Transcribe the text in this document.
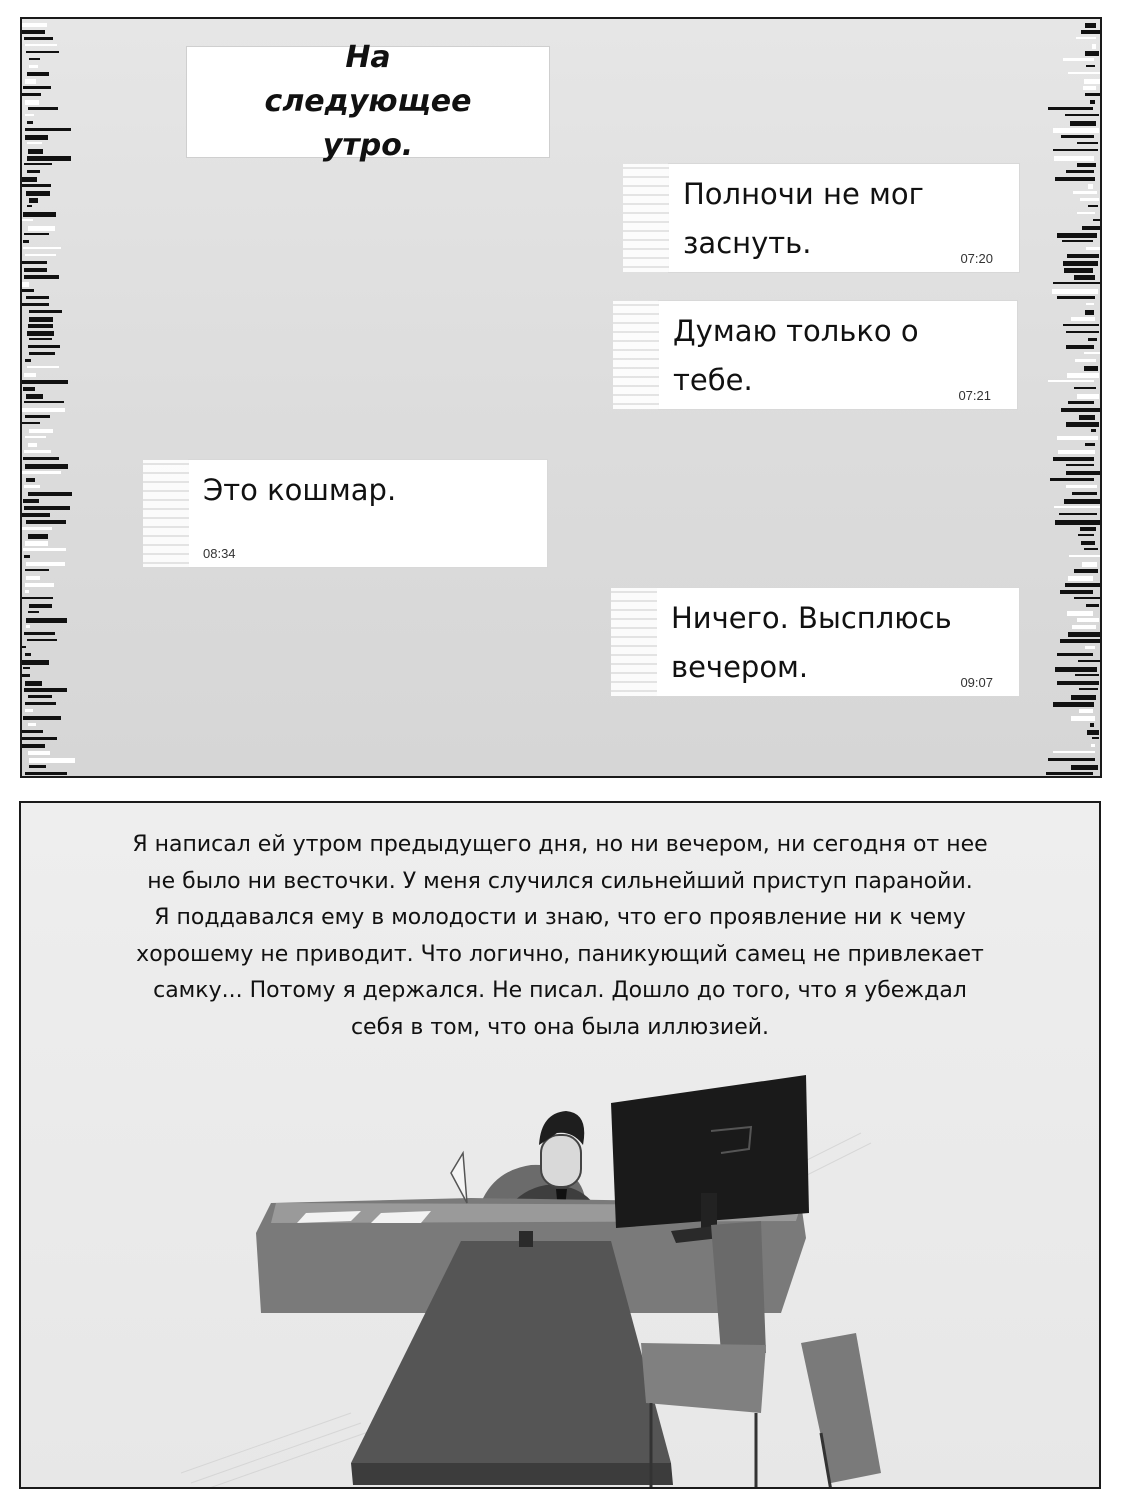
На следующее утро.
Полночи не мог заснуть.	07:20
Думаю только о тебе.	07:21
Это кошмар.
08:34
Ничего. Высплюсь вечером.	09:07

Я написал ей утром предыдущего дня, но ни вечером, ни сегодня от нее

не было ни весточки. У меня случился сильнейший приступ паранойи.

Я поддавался ему в молодости и знаю, что его проявление ни к чему

хорошему не приводит. Что логично, паникующий самец не привлекает

самку... Потому я держался. Не писал. Дошло до того, что я убеждал

себя в том, что она была иллюзией.
